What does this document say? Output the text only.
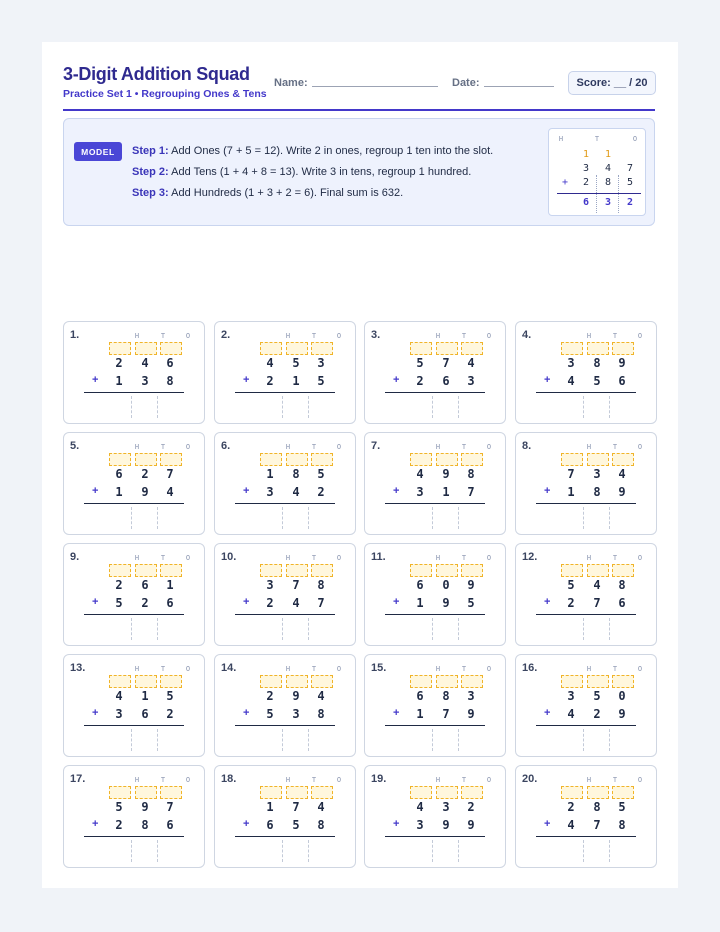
3-Digit Addition Squad
Practice Set 1 • Regrouping Ones & Tens
Name:	Date:	Score: __ / 20
MODEL	Step 1: Add Ones (7 + 5 = 12). Write 2 in ones, regroup 1 ten into the slot.
Step 2: Add Tens (1 + 4 + 8 = 13). Write 3 in tens, regroup 1 hundred.
Step 3: Add Hundreds (1 + 3 + 2 = 6). Final sum is 632.
H	T	O
1	1
3	4	7
+	2	8	5
6	3	2
1.	H	T	O
2	4	6
+	1	3	8
2.	H	T	O
4	5	3
+	2	1	5
3.	H	T	O
5	7	4
+	2	6	3
4.	H	T	O
3	8	9
+	4	5	6
5.	H	T	O
6	2	7
+	1	9	4
6.	H	T	O
1	8	5
+	3	4	2
7.	H	T	O
4	9	8
+	3	1	7
8.	H	T	O
7	3	4
+	1	8	9
9.	H	T	O
2	6	1
+	5	2	6
10.	H	T	O
3	7	8
+	2	4	7
11.	H	T	O
6	0	9
+	1	9	5
12.	H	T	O
5	4	8
+	2	7	6
13.	H	T	O
4	1	5
+	3	6	2
14.	H	T	O
2	9	4
+	5	3	8
15.	H	T	O
6	8	3
+	1	7	9
16.	H	T	O
3	5	0
+	4	2	9
17.	H	T	O
5	9	7
+	2	8	6
18.	H	T	O
1	7	4
+	6	5	8
19.	H	T	O
4	3	2
+	3	9	9
20.	H	T	O
2	8	5
+	4	7	8
